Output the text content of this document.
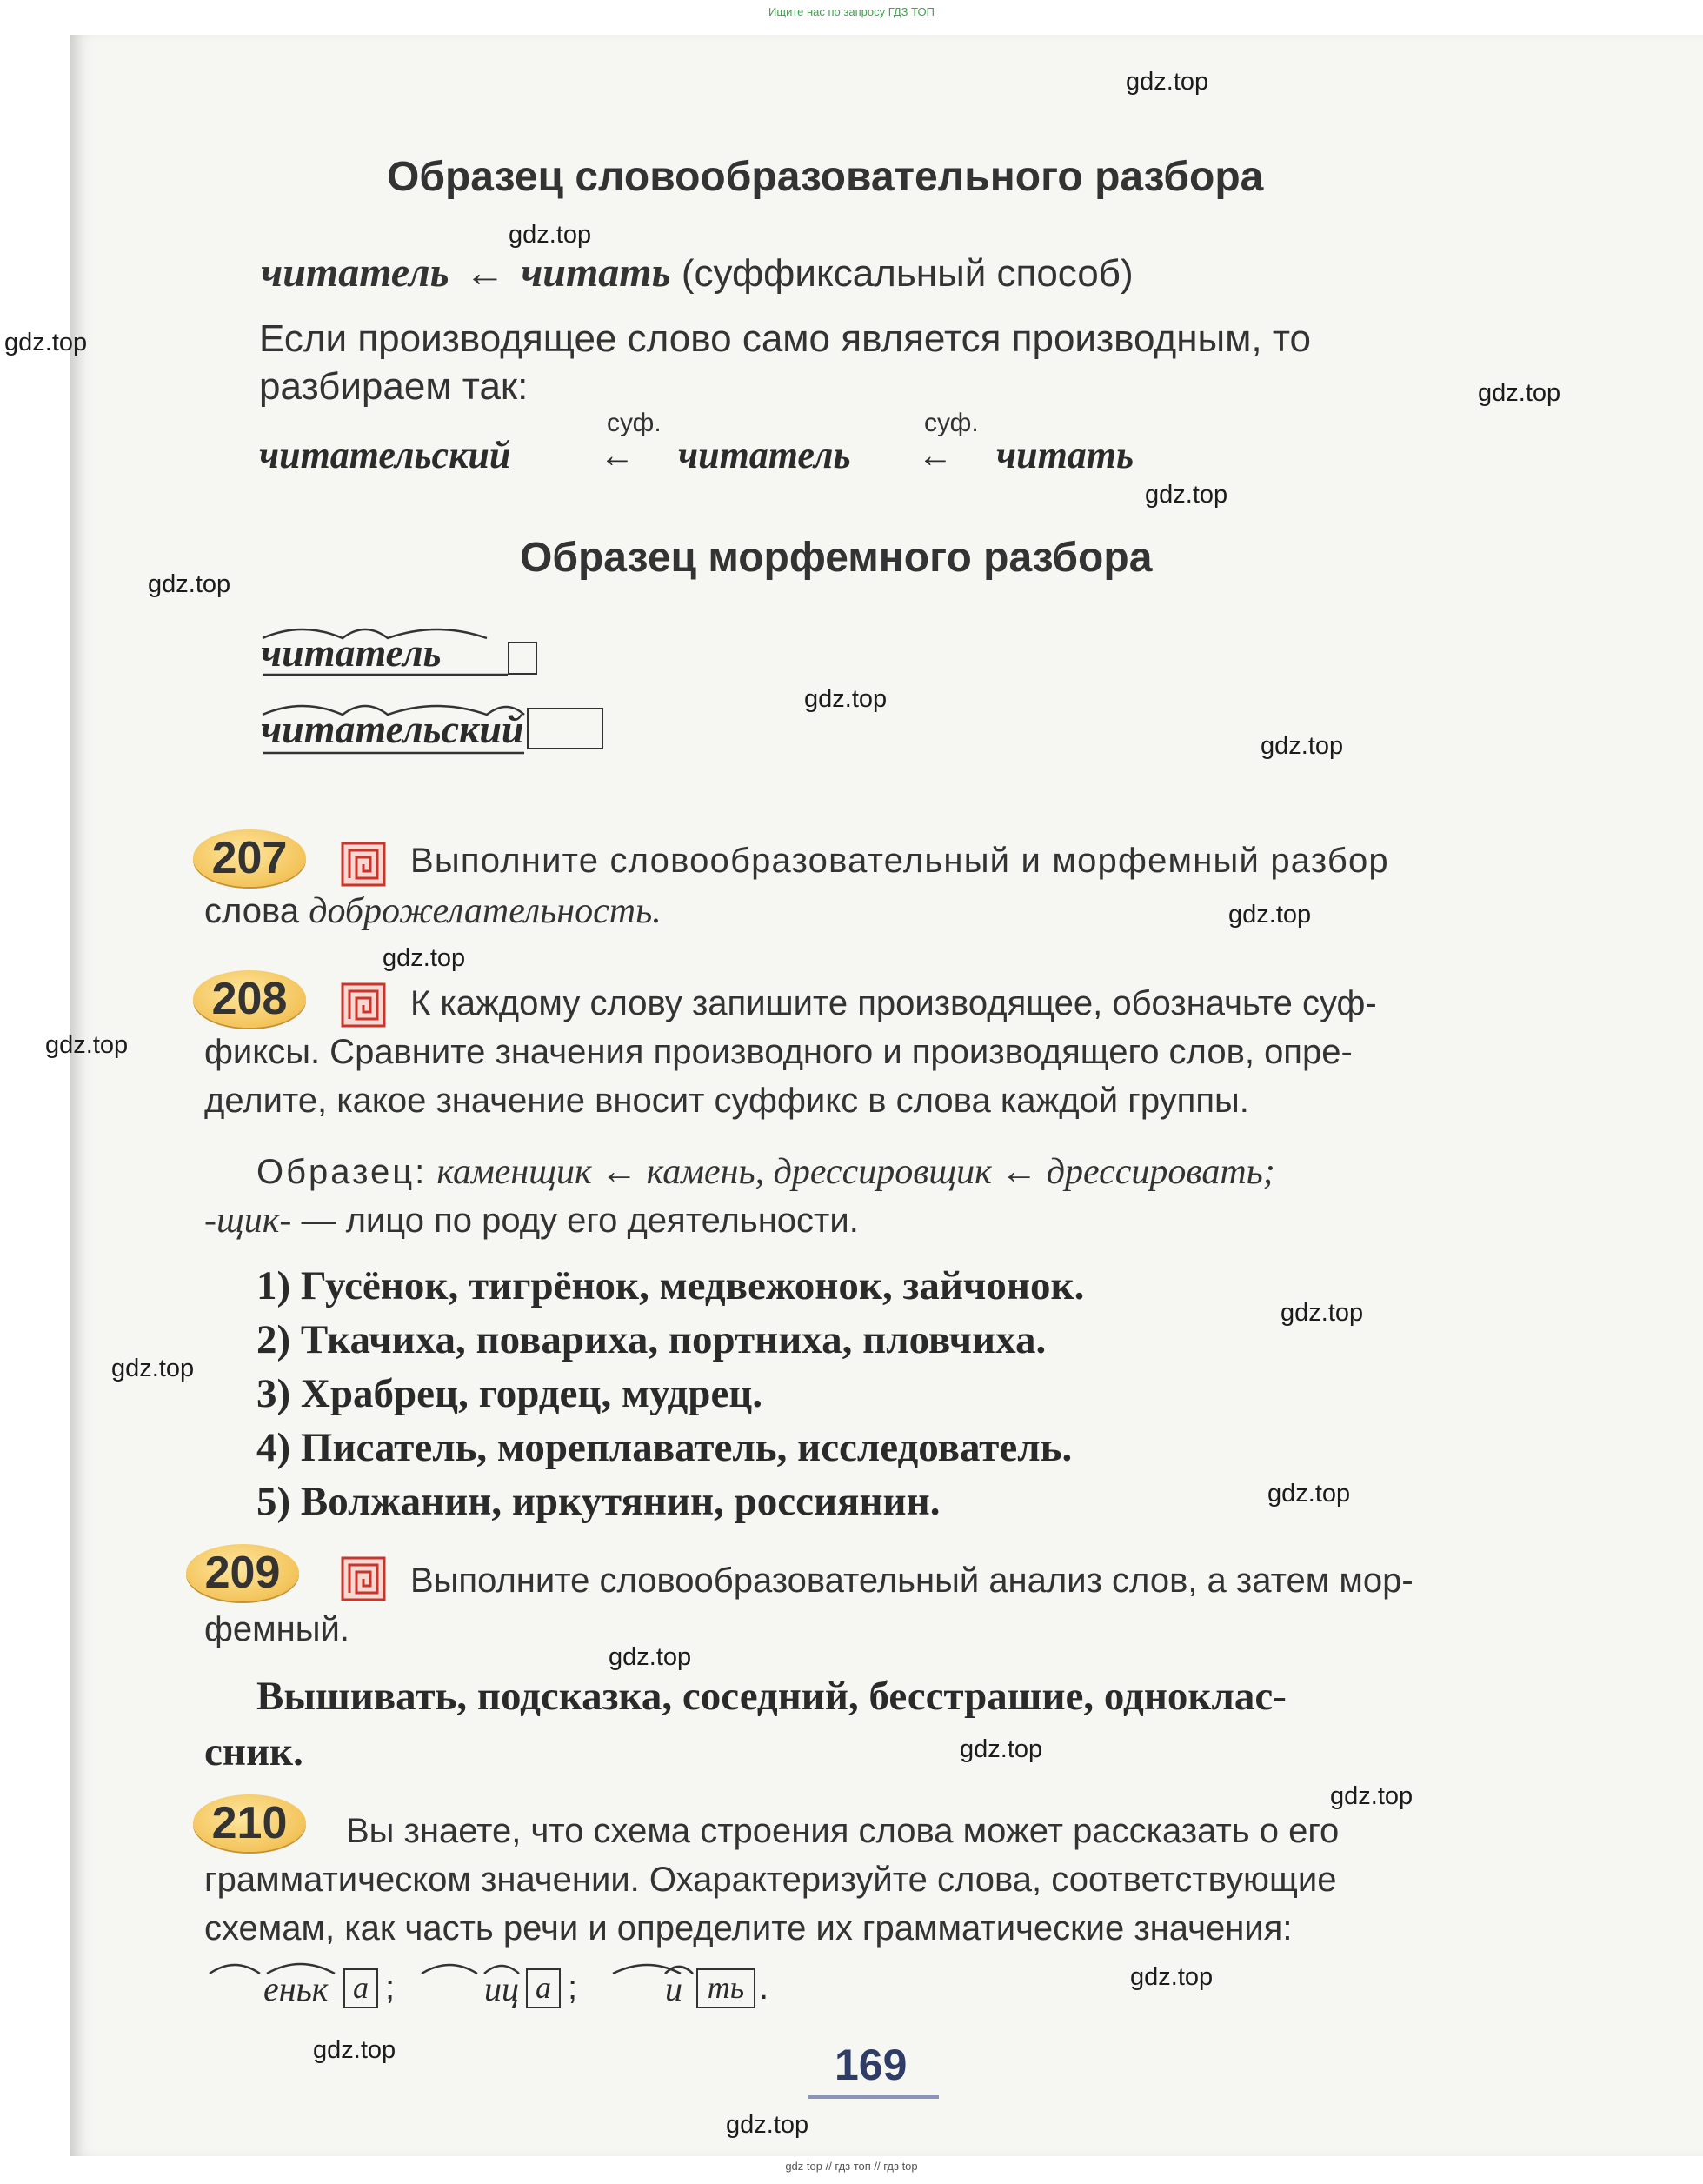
Ищите нас по запросу ГДЗ ТОП
gdz top // гдз топ // гдз top
gdz.top
gdz.top
gdz.top
gdz.top
gdz.top
gdz.top
gdz.top
gdz.top
gdz.top
gdz.top
gdz.top
gdz.top
gdz.top
gdz.top
gdz.top
gdz.top
gdz.top
gdz.top
gdz.top
gdz.top
Образец словообразовательного разбора
читатель ← читать (суффиксальный способ)
Если производящее слово само является производным, то
разбираем так:
читательский
суф.
← читатель
суф.
← читать
Образец морфемного разбора
читатель
читательский
207	Выполните словообразовательный и морфемный разбор
слова доброжелательность.
208	К каждому слову запишите производящее, обозначьте суф-
фиксы. Сравните значения производного и производящего слов, опре-
делите, какое значение вносит суффикс в слова каждой группы.
Образец: каменщик ← камень, дрессировщик ← дрессировать;
-щик- — лицо по роду его деятельности.
1) Гусёнок, тигрёнок, медвежонок, зайчонок.
2) Ткачиха, повариха, портниха, пловчиха.
3) Храбрец, гордец, мудрец.
4) Писатель, мореплаватель, исследователь.
5) Волжанин, иркутянин, россиянин.
209	Выполните словообразовательный анализ слов, а затем мор-
фемный.
Вышивать, подсказка, соседний, бесстрашие, одноклас-
сник.
210	Вы знаете, что схема строения слова может рассказать о его
грамматическом значении. Охарактеризуйте слова, соответствующие
схемам, как часть речи и определите их грамматические значения:
еньк а ;	иц а ;	и ть .
169
